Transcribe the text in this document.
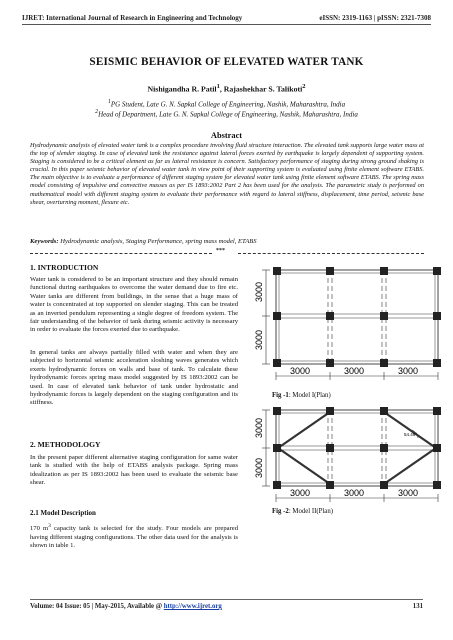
IJRET: International Journal of Research in Engineering and Technology	eISSN: 2319-1163 | pISSN: 2321-7308
SEISMIC BEHAVIOR OF ELEVATED WATER TANK
Nishigandha R. Patil$^1$, Rajashekhar S. Talikoti$^2$
$^1$PG Student, Late G. N. Sapkal College of Engineering, Nashik, Maharashtra, India
$^2$Head of Department, Late G. N. Sapkal College of Engineering, Nashik, Maharashtra, India
Abstract
Hydrodynamic analysis of elevated water tank is a complex procedure involving fluid structure interaction. The elevated tank supports large water mass at the top of slender staging. In case of elevated tank the resistance against lateral forces exerted by earthquake is largely dependent of supporting system. Staging is considered to be a critical element as far as lateral resistance is concern. Satisfactory performance of staging during strong ground shaking is crucial. In this paper seismic behavior of elevated water tank in view point of their supporting system is evaluated using finite element software ETABS. The main objective is to evaluate a performance of different staging system for elevated water tank using finite element software ETABS. The spring mass model consisting of impulsive and convective masses as per IS 1893:2002 Part 2 has been used for the analysis. The parametric study is performed on mathematical model with different staging system to evaluate their performance with regard to lateral stiffness, displacement, time period, seismic base shear, overturning moment, flexure etc.
Keywords: Hydrodynamic analysis, Staging Performance, spring mass model, ETABS
***
1. INTRODUCTION
Water tank is considered to be an important structure and they should remain functional during earthquakes to overcome the water demand due to fire etc. Water tanks are different from buildings, in the sense that a huge mass of water is concentrated at top supported on slender staging. This can be treated as an inverted pendulum representing a single degree of freedom system. The fair understanding of the behavior of tank during seismic activity is necessary in order to evaluate the forces exerted due to earthquake.
In general tanks are always partially filled with water and when they are subjected to horizontal seismic acceleration sloshing waves generates which exerts hydrodynamic forces on walls and base of tank. To calculate these hydrodynamic forces spring mass model suggested by IS 1893:2002 can be used. In case of elevated tank behavior of tank under hydrostatic and hydrodynamic forces is largely dependent on the staging configuration and its stiffness.
2. METHODOLOGY
In the present paper different alternative staging configuration for same water tank is studied with the help of ETABS analysis package. Spring mass idealization as per IS 1893:2002 has been used to evaluate the seismic base shear.
2.1 Model Description
170 $m^3$ capacity tank is selected for the study. Four models are prepared having different staging configurations. The other data used for the analysis is shown in table 1.
3000
3000
3000	3000	3000
Fig -1: Model I(Plan)
3000
3000
54.46°
3000	3000	3000
Fig -2: Model II(Plan)
Volume: 04 Issue: 05 | May-2015, Available @ http://www.ijret.org	131
